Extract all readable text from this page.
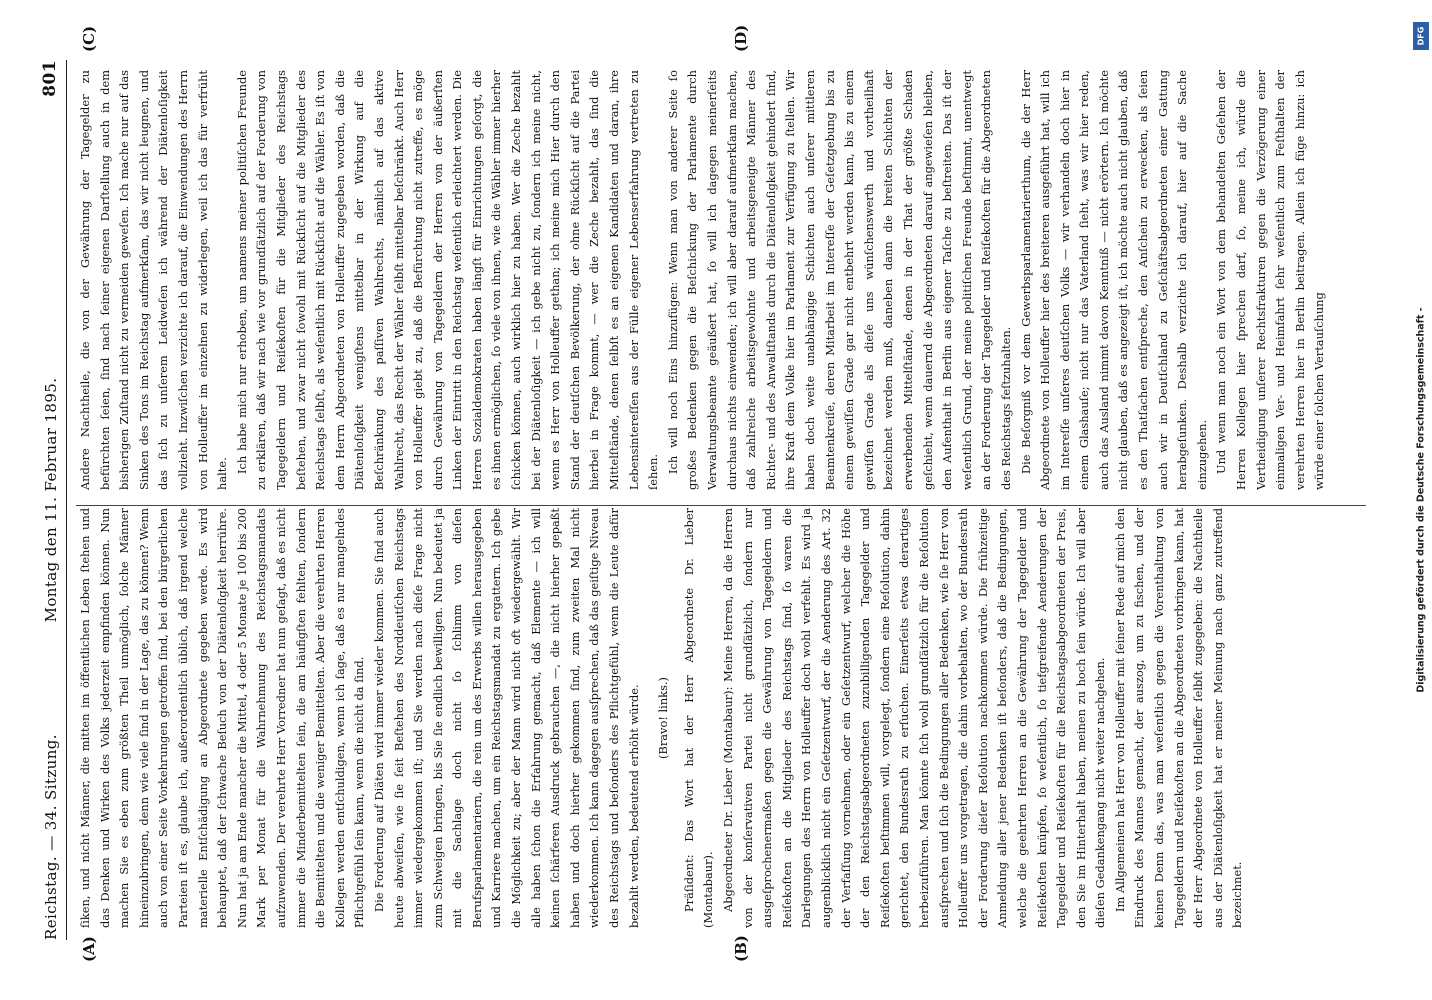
Reichstag. — 34. Sitzung.
Montag den 11. Februar 1895.
801
(A)	(B)
(C)	(D)

ſiken, und nicht Männer, die mitten im öffentlichen Leben ſtehen und das Denken und Wirken des Volks jederzeit empfinden können. Nun machen Sie es eben zum größten Theil unmöglich, ſolche Männer hineinzubringen, denn wie viele ſind in der Lage, das zu können? Wenn auch von einer Seite Vorkehrungen getroffen ſind, bei den bürgerlichen Parteien iſt es, glaube ich, außerordentlich üblich, daß irgend welche materielle Entſchädigung an Abgeordnete gegeben werde. Es wird behauptet, daß der ſchwache Beſuch von der Diätenloſigkeit herrühre. Nun hat ja am Ende mancher die Mittel, 4 oder 5 Monate je 100 bis 200 Mark per Monat für die Wahrnehmung des Reichstagsmandats aufzuwenden. Der verehrte Herr Vorredner hat nun geſagt, daß es nicht immer die Minderbemittelten ſein, die am häufigſten fehlten, ſondern die Bemittelten und die weniger Bemittelten. Aber die verehrten Herren Kollegen werden entſchuldigen, wenn ich ſage, daß es nur mangelndes Pflichtgefühl ſein kann, wenn die nicht da ſind. Die Forderung auf Diäten wird immer wieder kommen. Sie ſind auch heute abweiſen, wie ſie ſeit Beſtehen des Norddeutſchen Reichstags immer wiedergekommen iſt; und Sie werden nach dieſe Frage nicht zum Schweigen bringen, bis Sie ſie endlich bewilligen. Nun bedeutet ja mit die Sachlage doch nicht ſo ſchlimm von dieſen Berufsparlamentariern, die rein um des Erwerbs willen herausgegeben und Karriere machen, um ein Reichstagsmandat zu ergattern. Ich gebe die Möglichkeit zu; aber der Mann wird nicht oft wiedergewählt. Wir alle haben ſchon die Erfahrung gemacht, daß Elemente — ich will keinen ſchärferen Ausdruck gebrauchen —, die nicht hierher gepaßt haben und doch hierher gekommen ſind, zum zweiten Mal nicht wiederkommen. Ich kann dagegen ausſprechen, daß das geiſtige Niveau des Reichstags und beſonders des Pflichtgefühl, wenn die Leute dafür bezahlt werden, bedeutend erhöht würde.	(Bravo! links.)	Präſident: Das Wort hat der Herr Abgeordnete Dr. Lieber (Montabaur). Abgeordneter Dr. Lieber (Montabaur): Meine Herren, da die Herren von der konſervativen Partei nicht grundſätzlich, ſondern nur ausgeſprochenermaßen gegen die Gewährung von Tagegeldern und Reiſekoſten an die Mitglieder des Reichstags ſind, ſo waren die Darlegungen des Herrn von Holleuffer doch wohl verfehlt. Es wird ja augenblicklich nicht ein Geſetzentwurf, der die Aenderung des Art. 32 der Verfaſſung vornehmen, oder ein Geſetzentwurf, welcher die Höhe der den Reichstagsabgeordneten zuzubilligenden Tagegelder und Reiſekoſten beſtimmen will, vorgelegt, ſondern eine Reſolution, dahin gerichtet, den Bundesrath zu erſuchen. Einerſeits etwas derartiges herbeizuführen. Man könnte ſich wohl grundſätzlich für die Reſolution ausſprechen und ſich die Bedingungen aller Bedenken, wie ſie Herr von Holleuffer uns vorgetragen, die dahin vorbehalten, wo der Bundesrath der Forderung dieſer Reſolution nachkommen würde. Die frühzeitige Anmeldung aller jener Bedenken iſt beſonders, daß die Bedingungen, welche die geehrten Herren an die Gewährung der Tagegelder und Reiſekoſten knüpfen, ſo weſentlich, ſo tiefgreifende Aenderungen der Tagegelder und Reiſekoſten für die Reichstagsabgeordneten der Preis, den Sie im Hinterhalt haben, meinen zu hoch ſein würde. Ich will aber dieſen Gedankengang nicht weiter nachgehen. Im Allgemeinen hat Herr von Holleuffer mit ſeiner Rede auf mich den Eindruck des Mannes gemacht, der auszog, um zu fischen, und der keinen Denn das, was man weſentlich gegen die Vorenthaltung von Tagegeldern und Reiſekoſten an die Abgeordneten vorbringen kann, hat der Herr Abgeordnete von Holleuffer ſelbſt zugegeben: die Nachtheile aus der Diätenloſigkeit hat er meiner Meinung nach ganz zutreffend bezeichnet.

Andere Nachtheile, die von der Gewährung der Tagegelder zu befürchten ſeien, ſind nach ſeiner eigenen Darſtellung auch in dem bisherigen Zuſtand nicht zu vermeiden geweſen. Ich mache nur auf das Sinken des Tons im Reichstag aufmerkſam, das wir nicht leugnen, und das ſich zu unſerem Leidweſen ich während der Diätenloſigkeit vollzieht. Inzwiſchen verzichte ich darauf, die Einwendungen des Herrn von Holleuffer im einzelnen zu widerlegen, weil ich das für verfrüht halte. Ich habe mich nur erhoben, um namens meiner politiſchen Freunde zu erklären, daß wir nach wie vor grundſätzlich auf der Forderung von Tagegeldern und Reiſekoſten für die Mitglieder des Reichstags beſtehen, und zwar nicht ſowohl mit Rückſicht auf die Mitglieder des Reichstags ſelbſt, als weſentlich mit Rückſicht auf die Wähler. Es iſt von dem Herrn Abgeordneten von Holleuffer zugegeben worden, daß die Diätenloſigkeit wenigſtens mittelbar in der Wirkung auf die Beſchränkung des paſſiven Wahlrechts, nämlich auf das aktive Wahlrecht, das Recht der Wähler ſelbſt mittelbar beſchränkt. Auch Herr von Holleuffer giebt zu, daß die Befürchtung nicht zutreffe, es möge durch Gewährung von Tagegeldern der Herren von der äußerſten Linken der Eintritt in den Reichstag weſentlich erleichtert werden. Die Herren Sozialdemokraten haben längſt für Einrichtungen geſorgt, die es ihnen ermöglichen, ſo viele von ihnen, wie die Wähler immer hierher ſchicken können, auch wirklich hier zu haben. Wer die Zeche bezahlt bei der Diätenloſigkeit — ich gebe nicht zu, ſondern ich meine nicht, wenn es Herr von Holleuffer gethan; ich meine mich Hier durch den Stand der deutſchen Bevölkerung, der ohne Rückſicht auf die Partei hierbei in Frage kommt, — wer die Zeche bezahlt, das ſind die Mittelſtände, denen ſelbſt es an eigenen Kandidaten und daran, ihre Lebensintereſſen aus der Fülle eigener Lebenserfahrung vertreten zu ſehen. Ich will noch Eins hinzufügen: Wenn man von anderer Seite ſo großes Bedenken gegen die Beſchickung der Parlamente durch Verwaltungsbeamte geäußert hat, ſo will ich dagegen meinerſeits durchaus nichts einwenden; ich will aber darauf aufmerkſam machen, daß zahlreiche arbeitsgewohnte und arbeitsgeneigte Männer des Richter- und des Anwaltſtands durch die Diätenloſigkeit gehindert ſind, ihre Kraft dem Volke hier im Parlament zur Verfügung zu ſtellen. Wir haben doch weite unabhängige Schichten auch unſerer mittleren Beamtenkreiſe, deren Mitarbeit im Intereſſe der Geſetzgebung bis zu einem gewiſſen Grade gar nicht entbehrt werden kann, bis zu einem gewiſſen Grade als dieſe uns wünſchenswerth und vortheilhaft bezeichnet werden muß, daneben dann die breiten Schichten der erwerbenden Mittelſtände, denen in der That der größte Schaden geſchieht, wenn dauernd die Abgeordneten darauf angewieſen bleiben, den Aufenthalt in Berlin aus eigener Taſche zu beſtreiten. Das iſt der weſentlich Grund, der meine politiſchen Freunde beſtimmt, unentwegt an der Forderung der Tagegelder und Reiſekoſten für die Abgeordneten des Reichstags feſtzuhalten. Die Beſorgniß vor dem Gewerbsparlamentarierthum, die der Herr Abgeordnete von Holleuffer hier des breiteren ausgeführt hat, will ich im Intereſſe unſeres deutſchen Volks — wir verhandeln doch hier in einem Glashauſe; nicht nur das Vaterland ſieht, was wir hier reden, auch das Ausland nimmt davon Kenntniß — nicht erörtern. Ich möchte nicht glauben, daß es angezeigt iſt, ich möchte auch nicht glauben, daß es den Thatſachen entſpreche, den Anſchein zu erwecken, als ſeien auch wir in Deutſchland zu Geſchäftsabgeordneten einer Gattung herabgeſunken. Deshalb verzichte ich darauf, hier auf die Sache einzugehen. Und wenn man noch ein Wort von dem behandelten Geſehen der Herren Kollegen hier ſprechen darf, ſo, meine ich, würde die Vertheidigung unſerer Rechtsfrakturen gegen die Verzögerung einer einmaligen Ver- und Heimfahrt ſehr weſentlich zum Feſthalten der verehrten Herren hier in Berlin beitragen. Allein ich füge hinzu: ich würde einer ſolchen Vertauſchung	Digitalisierung gefördert durch die Deutsche Forschungsgemeinschaft -
DFG
